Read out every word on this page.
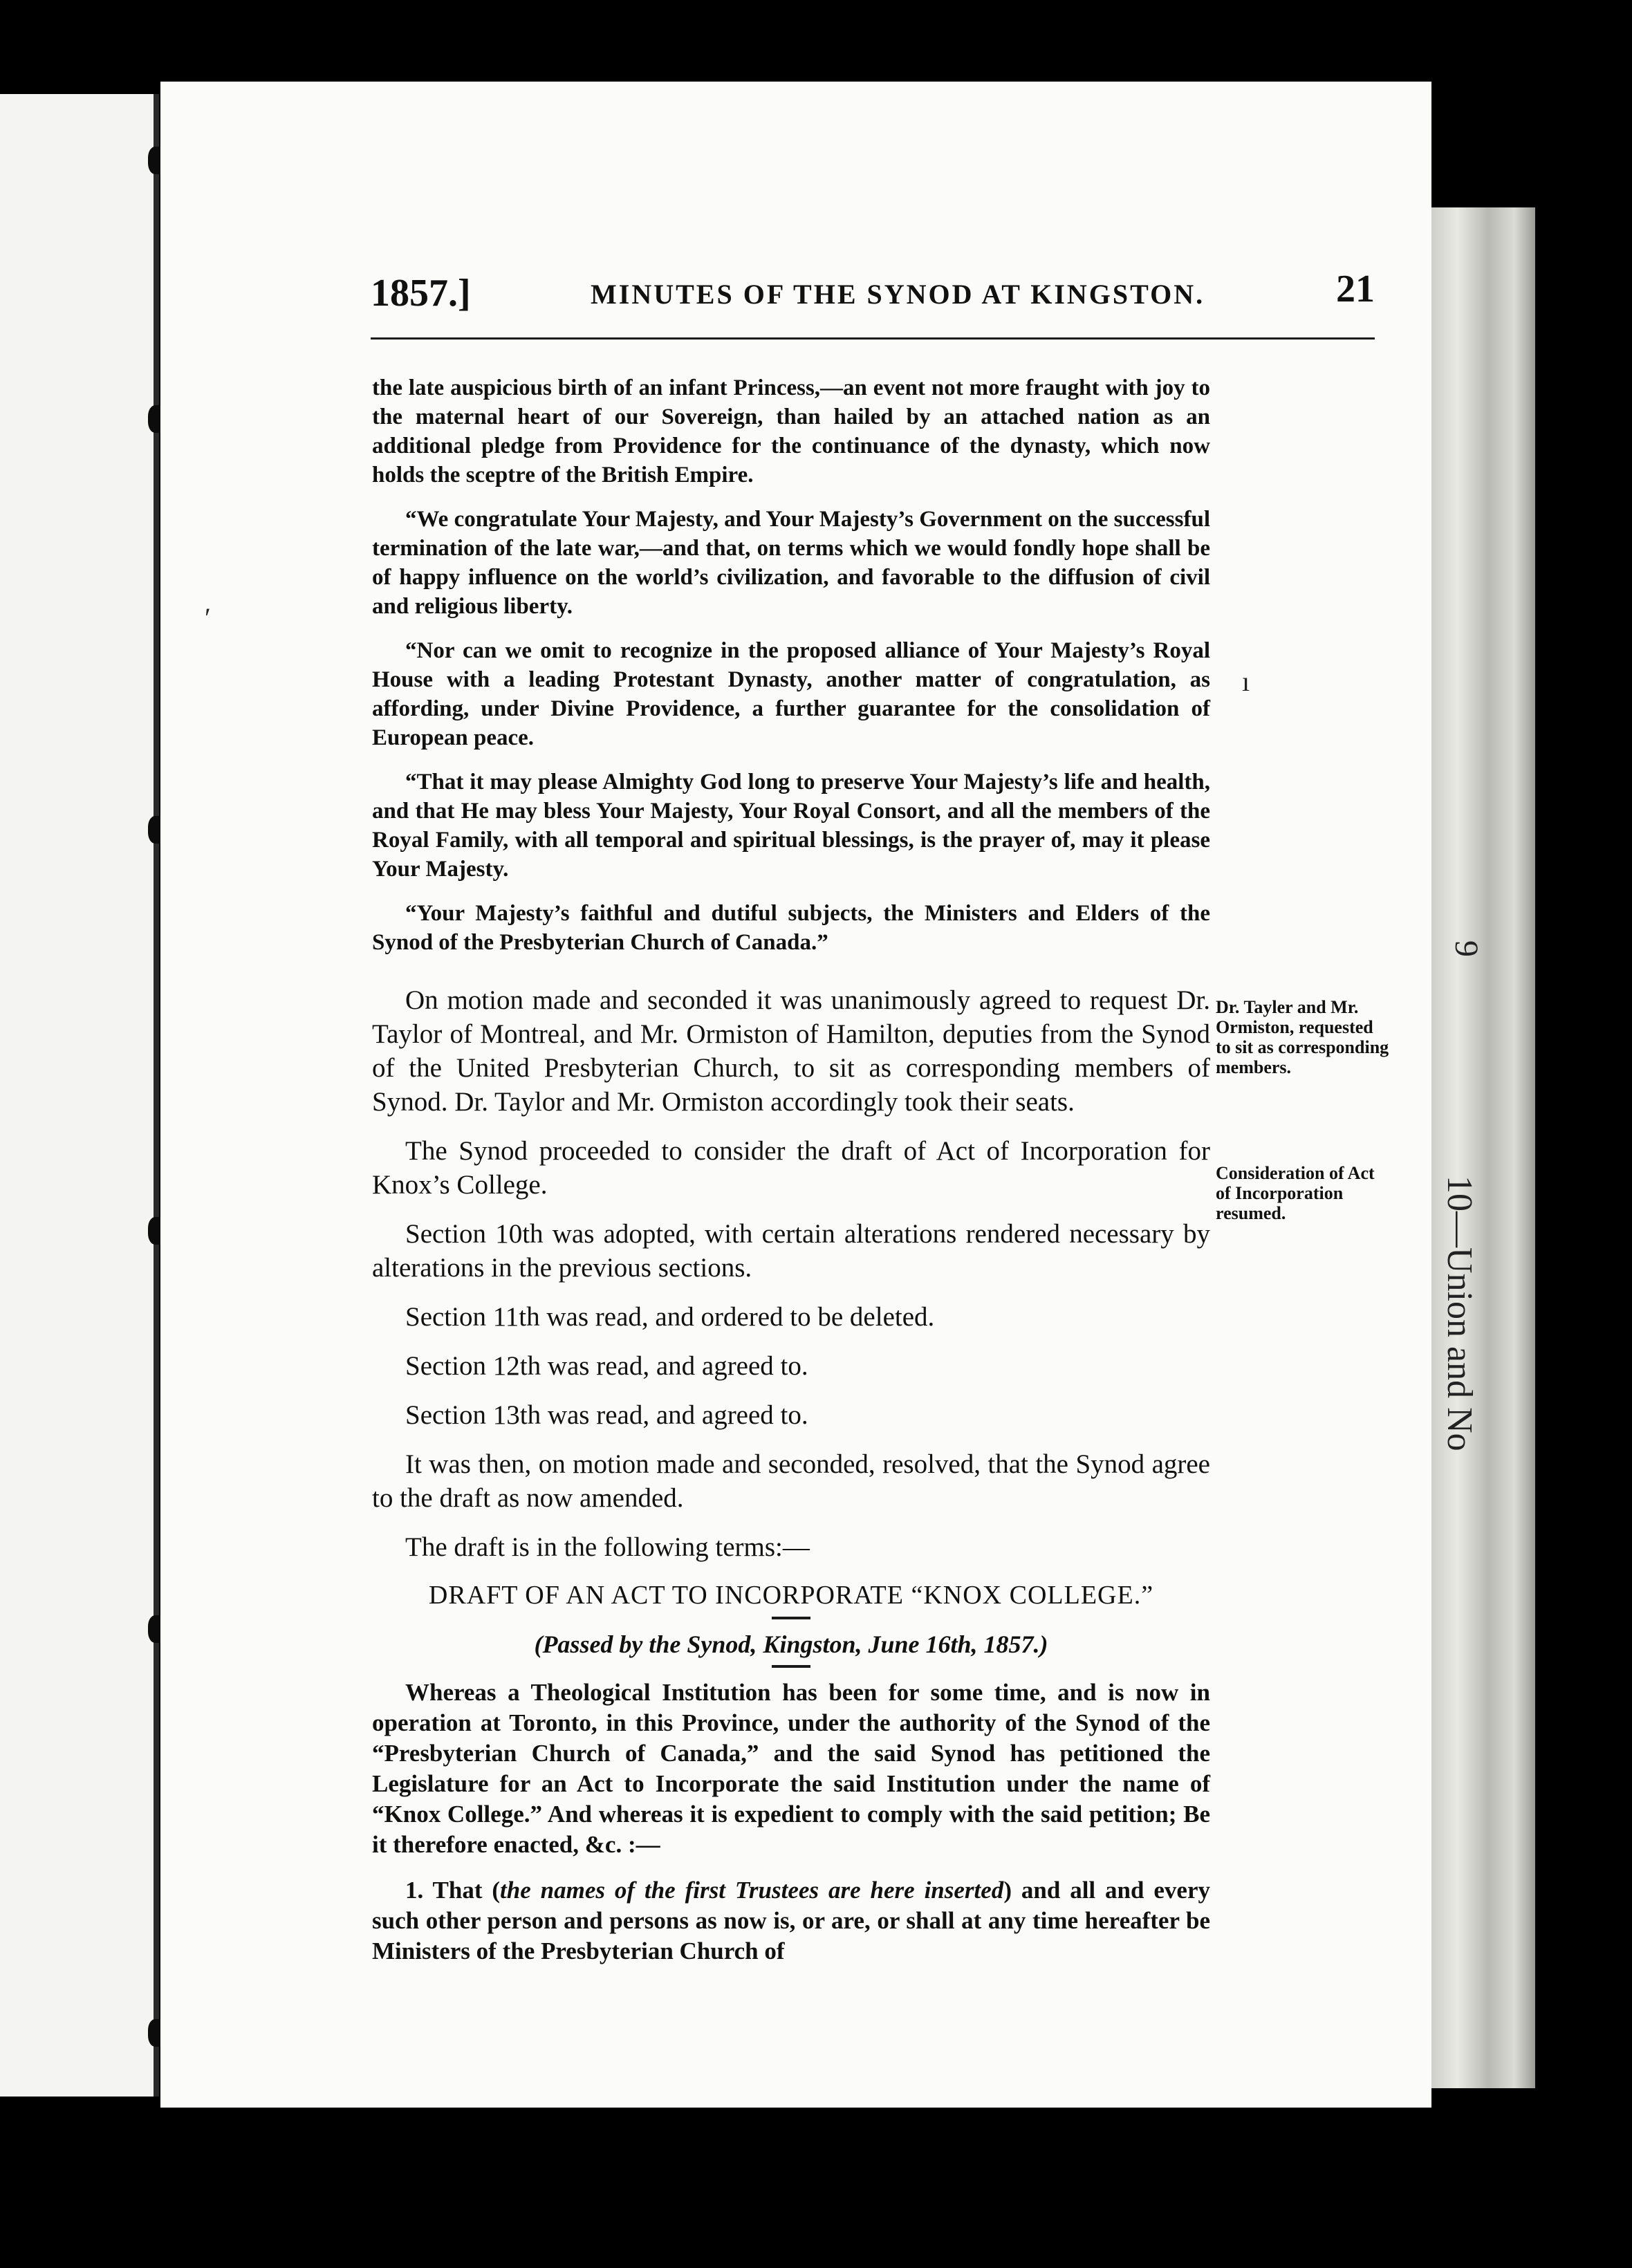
9
10—Union and No
′
ı
1857.]	MINUTES OF THE SYNOD AT KINGSTON.	21

the late auspicious birth of an infant Princess,—an event not more fraught with joy to the maternal heart of our Sovereign, than hailed by an attached nation as an additional pledge from Providence for the continuance of the dynasty, which now holds the sceptre of the British Empire.

“We congratulate Your Majesty, and Your Majesty’s Government on the successful termination of the late war,—and that, on terms which we would fondly hope shall be of happy influence on the world’s civilization, and favorable to the diffusion of civil and religious liberty.

“Nor can we omit to recognize in the proposed alliance of Your Majesty’s Royal House with a leading Protestant Dynasty, another matter of congratulation, as affording, under Divine Providence, a further guarantee for the consolidation of European peace.

“That it may please Almighty God long to preserve Your Majesty’s life and health, and that He may bless Your Majesty, Your Royal Consort, and all the members of the Royal Family, with all temporal and spiritual blessings, is the prayer of, may it please Your Majesty.

“Your Majesty’s faithful and dutiful subjects, the Ministers and Elders of the Synod of the Presbyterian Church of Canada.”

On motion made and seconded it was unanimously agreed to request Dr. Taylor of Montreal, and Mr. Ormiston of Hamilton, deputies from the Synod of the United Presbyterian Church, to sit as corresponding members of Synod. Dr. Taylor and Mr. Ormiston accordingly took their seats.

The Synod proceeded to consider the draft of Act of Incorporation for Knox’s College.

Section 10th was adopted, with certain alterations rendered necessary by alterations in the previous sections.

Section 11th was read, and ordered to be deleted.

Section 12th was read, and agreed to.

Section 13th was read, and agreed to.

It was then, on motion made and seconded, resolved, that the Synod agree to the draft as now amended.

The draft is in the following terms:—

DRAFT OF AN ACT TO INCORPORATE “KNOX COLLEGE.”
(Passed by the Synod, Kingston, June 16th, 1857.)

Whereas a Theological Institution has been for some time, and is now in operation at Toronto, in this Province, under the authority of the Synod of the “Presbyterian Church of Canada,” and the said Synod has petitioned the Legislature for an Act to Incorporate the said Institution under the name of “Knox College.” And whereas it is expedient to comply with the said petition; Be it therefore enacted, &c. :—

1. That (the names of the first Trustees are here inserted) and all and every such other person and persons as now is, or are, or shall at any time hereafter be Ministers of the Presbyterian Church of

Dr. Tayler and Mr. Ormiston, requested to sit as corresponding members.
Consideration of Act of Incorporation resumed.
